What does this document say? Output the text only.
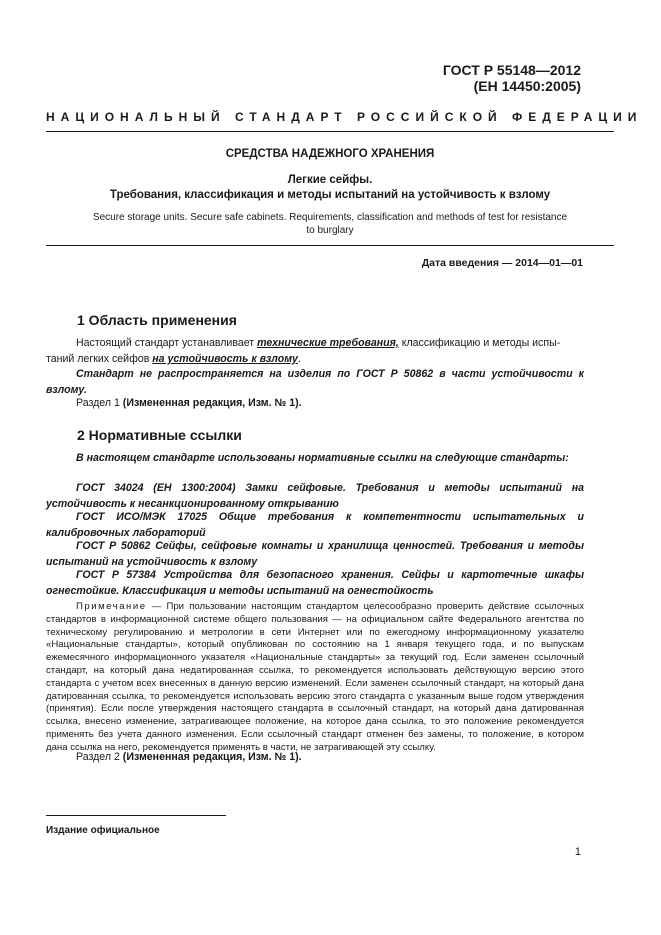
ГОСТ Р 55148—2012
(ЕН 14450:2005)
НАЦИОНАЛЬНЫЙ СТАНДАРТ РОССИЙСКОЙ ФЕДЕРАЦИИ
СРЕДСТВА НАДЕЖНОГО ХРАНЕНИЯ
Легкие сейфы.
Требования, классификация и методы испытаний на устойчивость к взлому
Secure storage units. Secure safe cabinets. Requirements, classification and methods of test for resistance
to burglary
Дата введения — 2014—01—01
1 Область применения
Настоящий стандарт устанавливает технические требования, классификацию и методы испы-
таний легких сейфов на устойчивость к взлому.
Стандарт не распространяется на изделия по ГОСТ Р 50862 в части устойчивости к взлому.
Раздел 1 (Измененная редакция, Изм. № 1).
2 Нормативные ссылки
В настоящем стандарте использованы нормативные ссылки на следующие стандарты:
ГОСТ 34024 (ЕН 1300:2004) Замки сейфовые. Требования и методы испытаний на устойчивость к несанкционированному открыванию
ГОСТ ИСО/МЭК 17025 Общие требования к компетентности испытательных и калибровочных лабораторий
ГОСТ Р 50862 Сейфы, сейфовые комнаты и хранилища ценностей. Требования и методы испытаний на устойчивость к взлому
ГОСТ Р 57384 Устройства для безопасного хранения. Сейфы и картотечные шкафы огнестойкие. Классификация и методы испытаний на огнестойкость
Примечание — При пользовании настоящим стандартом целесообразно проверить действие ссылочных стандартов в информационной системе общего пользования — на официальном сайте Федерального агентства по техническому регулированию и метрологии в сети Интернет или по ежегодному информационному указателю «Национальные стандарты», который опубликован по состоянию на 1 января текущего года, и по выпускам ежемесячного информационного указателя «Национальные стандарты» за текущий год. Если заменен ссылочный стандарт, на который дана недатированная ссылка, то рекомендуется использовать действующую версию этого стандарта с учетом всех внесенных в данную версию изменений. Если заменен ссылочный стандарт, на который дана датированная ссылка, то рекомендуется использовать версию этого стандарта с указанным выше годом утверждения (принятия). Если после утверждения настоящего стандарта в ссылочный стандарт, на который дана датированная ссылка, внесено изменение, затрагивающее положение, на которое дана ссылка, то это положение рекомендуется применять без учета данного изменения. Если ссылочный стандарт отменен без замены, то положение, в котором дана ссылка на него, рекомендуется применять в части, не затрагивающей эту ссылку.
Раздел 2 (Измененная редакция, Изм. № 1).
Издание официальное
1
